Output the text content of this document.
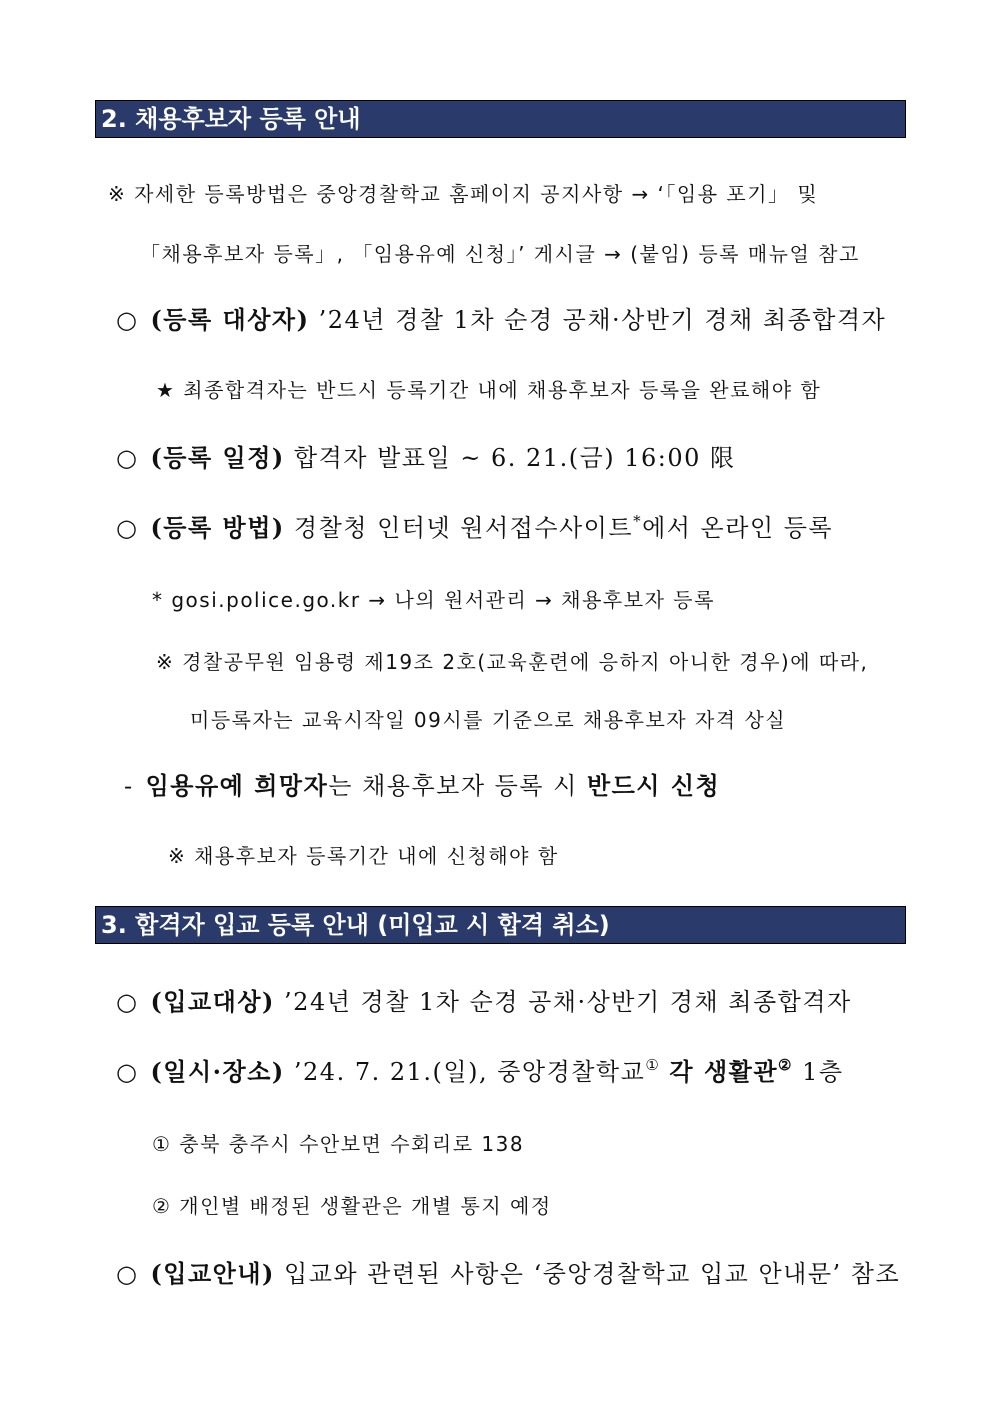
2. 채용후보자 등록 안내
※ 자세한 등록방법은 중앙경찰학교 홈페이지 공지사항 → ‘「임용 포기」 및
「채용후보자 등록」, 「임용유예 신청」’ 게시글 → (붙임) 등록 매뉴얼 참고
○ (등록 대상자) ’24년 경찰 1차 순경 공채·상반기 경채 최종합격자
★ 최종합격자는 반드시 등록기간 내에 채용후보자 등록을 완료해야 함
○ (등록 일정) 합격자 발표일 ~ 6. 21.(금) 16:00 限
○ (등록 방법) 경찰청 인터넷 원서접수사이트*에서 온라인 등록
* gosi.police.go.kr → 나의 원서관리 → 채용후보자 등록
※ 경찰공무원 임용령 제19조 2호(교육훈련에 응하지 아니한 경우)에 따라,
미등록자는 교육시작일 09시를 기준으로 채용후보자 자격 상실
- 임용유예 희망자는 채용후보자 등록 시 반드시 신청
※ 채용후보자 등록기간 내에 신청해야 함
3. 합격자 입교 등록 안내 (미입교 시 합격 취소)
○ (입교대상) ’24년 경찰 1차 순경 공채·상반기 경채 최종합격자
○ (일시·장소) ’24. 7. 21.(일), 중앙경찰학교① 각 생활관② 1층
① 충북 충주시 수안보면 수회리로 138
② 개인별 배정된 생활관은 개별 통지 예정
○ (입교안내) 입교와 관련된 사항은 ‘중앙경찰학교 입교 안내문’ 참조
